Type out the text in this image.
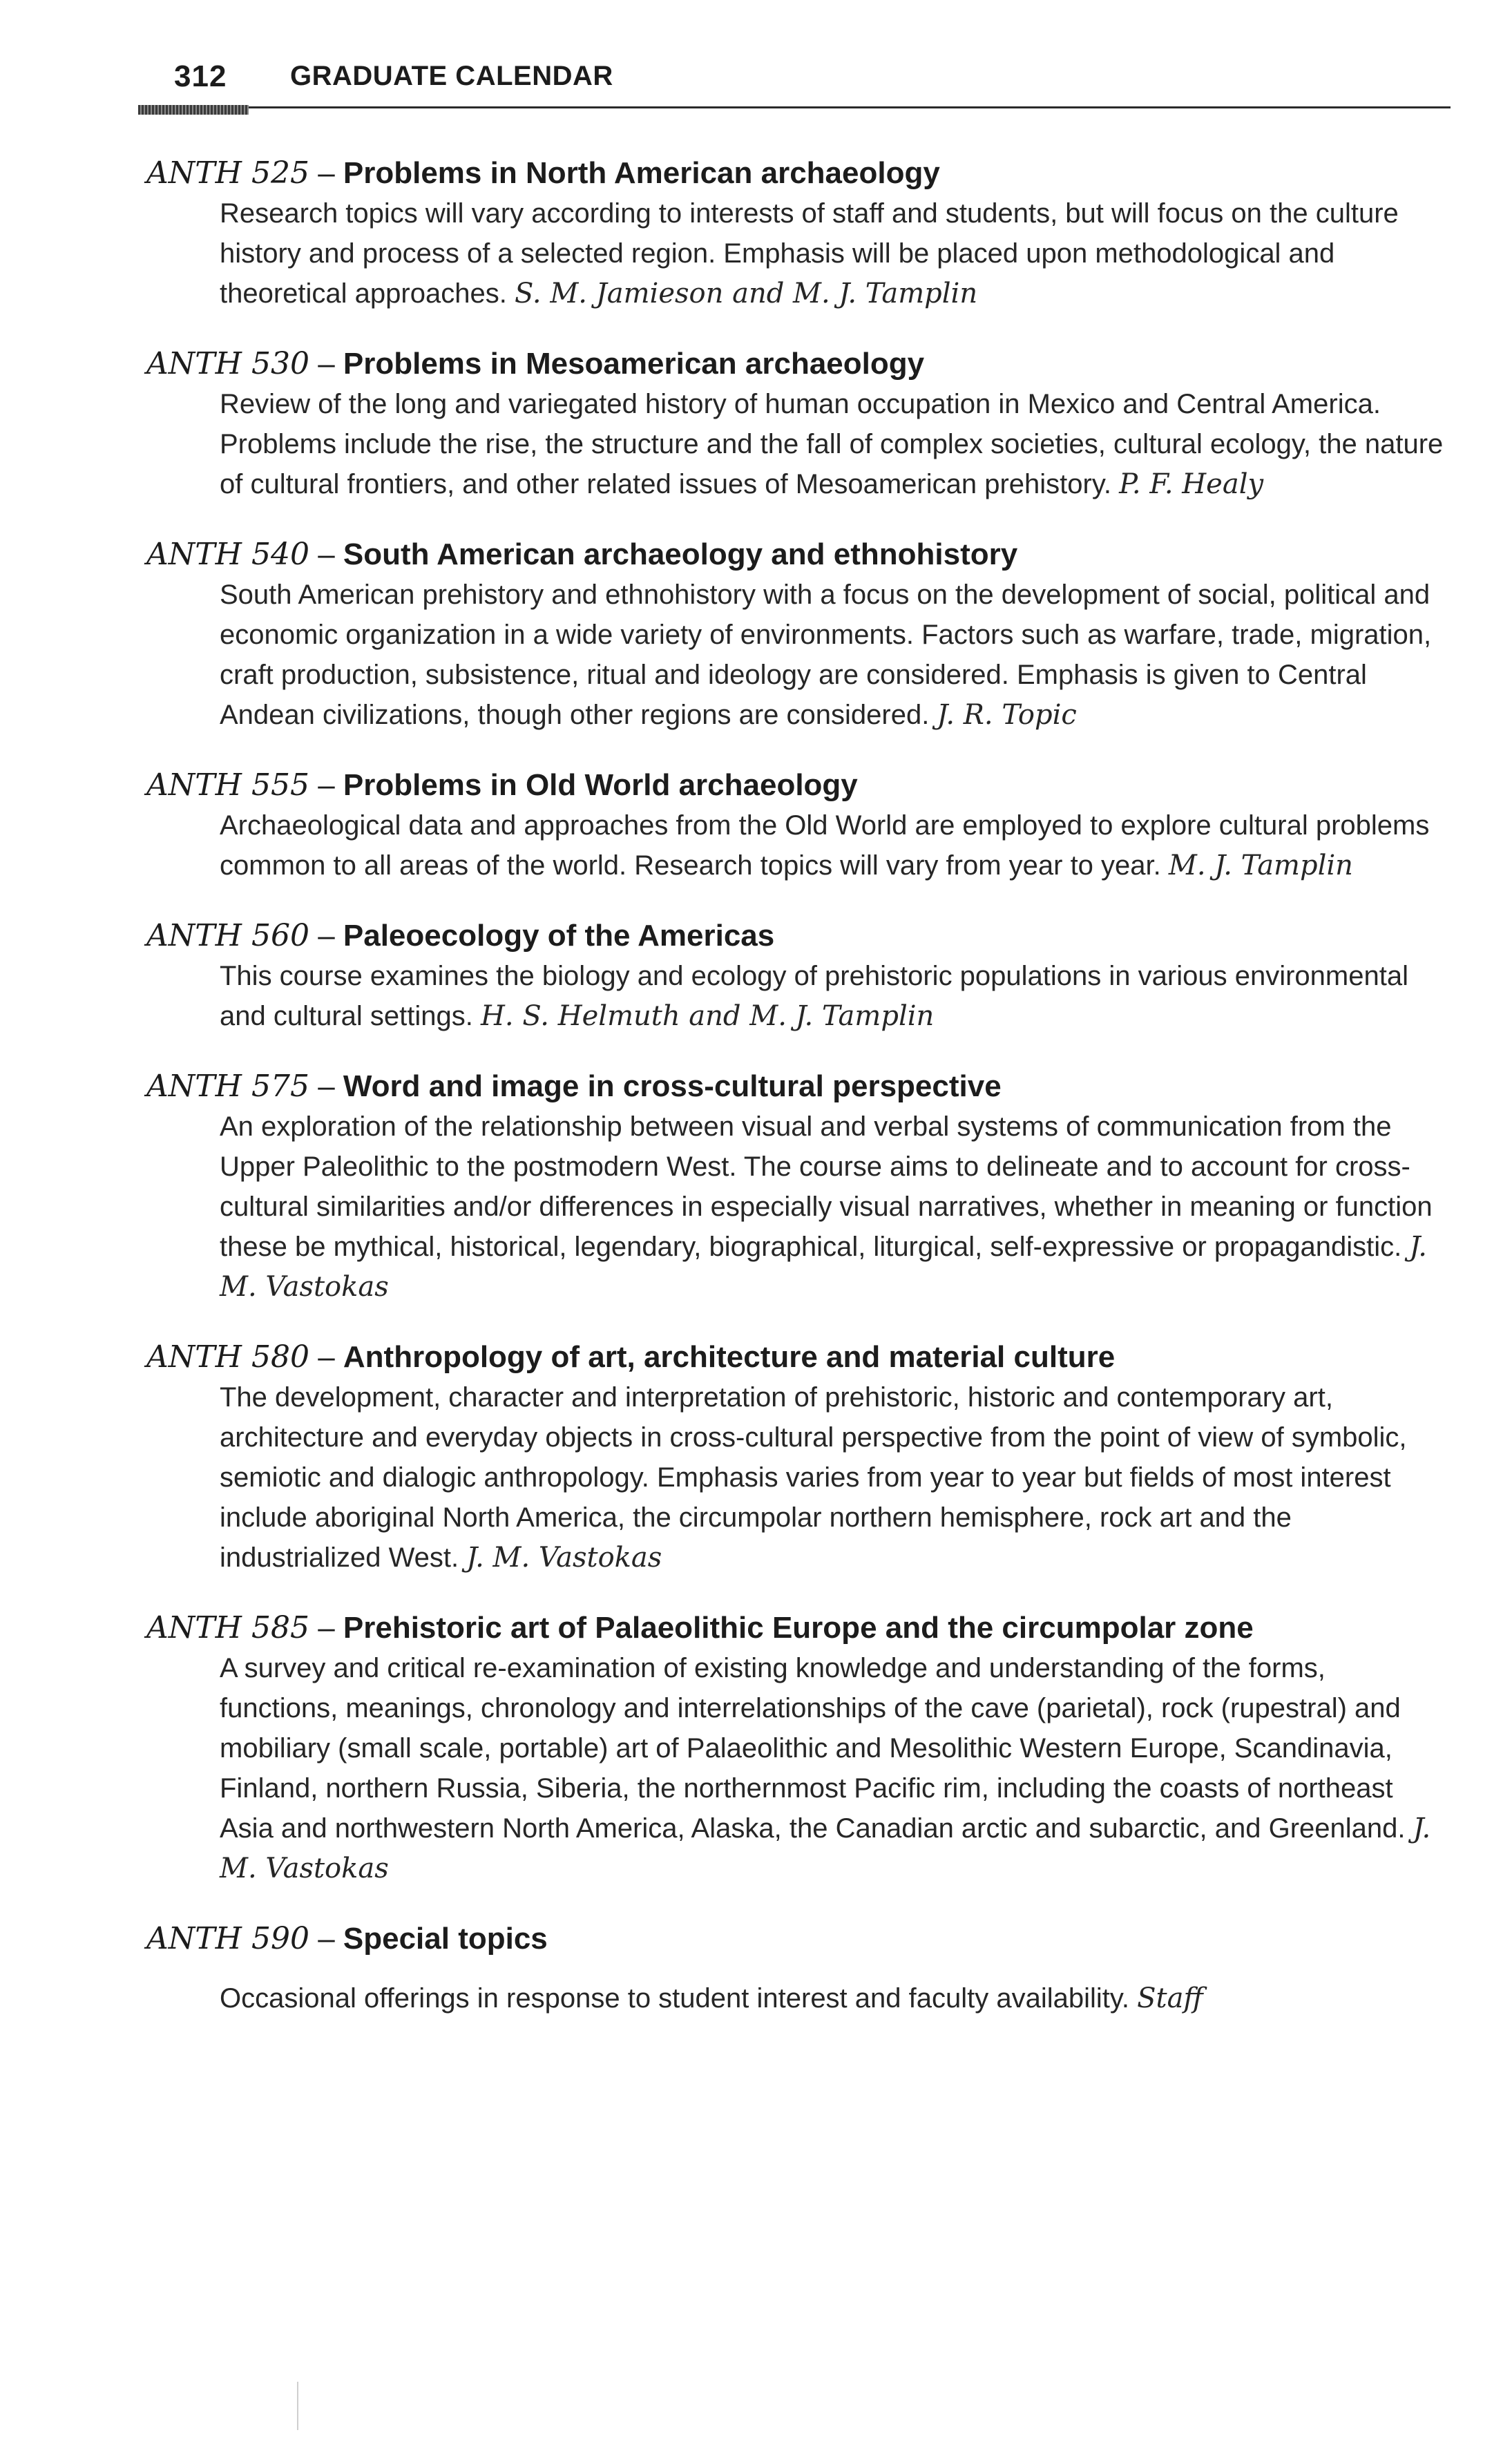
312 GRADUATE CALENDAR
ANTH 525 – Problems in North American archaeology
Research topics will vary according to interests of staff and students, but will focus on the culture history and process of a selected region. Emphasis will be placed upon methodological and theoretical approaches. S. M. Jamieson and M. J. Tamplin
ANTH 530 – Problems in Mesoamerican archaeology
Review of the long and variegated history of human occupation in Mexico and Central America. Problems include the rise, the structure and the fall of complex societies, cultural ecology, the nature of cultural frontiers, and other related issues of Mesoamerican prehistory. P. F. Healy
ANTH 540 – South American archaeology and ethnohistory
South American prehistory and ethnohistory with a focus on the development of social, political and economic organization in a wide variety of environments. Factors such as warfare, trade, migration, craft production, subsistence, ritual and ideology are considered. Emphasis is given to Central Andean civilizations, though other regions are considered. J. R. Topic
ANTH 555 – Problems in Old World archaeology
Archaeological data and approaches from the Old World are employed to explore cultural problems common to all areas of the world. Research topics will vary from year to year. M. J. Tamplin
ANTH 560 – Paleoecology of the Americas
This course examines the biology and ecology of prehistoric populations in various environmental and cultural settings. H. S. Helmuth and M. J. Tamplin
ANTH 575 – Word and image in cross-cultural perspective
An exploration of the relationship between visual and verbal systems of communication from the Upper Paleolithic to the postmodern West. The course aims to delineate and to account for cross-cultural similarities and/or differences in especially visual narratives, whether in meaning or function these be mythical, historical, legendary, biographical, liturgical, self-expressive or propagandistic. J. M. Vastokas
ANTH 580 – Anthropology of art, architecture and material culture
The development, character and interpretation of prehistoric, historic and contemporary art, architecture and everyday objects in cross-cultural perspective from the point of view of symbolic, semiotic and dialogic anthropology. Emphasis varies from year to year but fields of most interest include aboriginal North America, the circumpolar northern hemisphere, rock art and the industrialized West. J. M. Vastokas
ANTH 585 – Prehistoric art of Palaeolithic Europe and the circumpolar zone
A survey and critical re-examination of existing knowledge and understanding of the forms, functions, meanings, chronology and interrelationships of the cave (parietal), rock (rupestral) and mobiliary (small scale, portable) art of Palaeolithic and Mesolithic Western Europe, Scandinavia, Finland, northern Russia, Siberia, the northernmost Pacific rim, including the coasts of northeast Asia and northwestern North America, Alaska, the Canadian arctic and subarctic, and Greenland. J. M. Vastokas
ANTH 590 – Special topics
Occasional offerings in response to student interest and faculty availability. Staff
